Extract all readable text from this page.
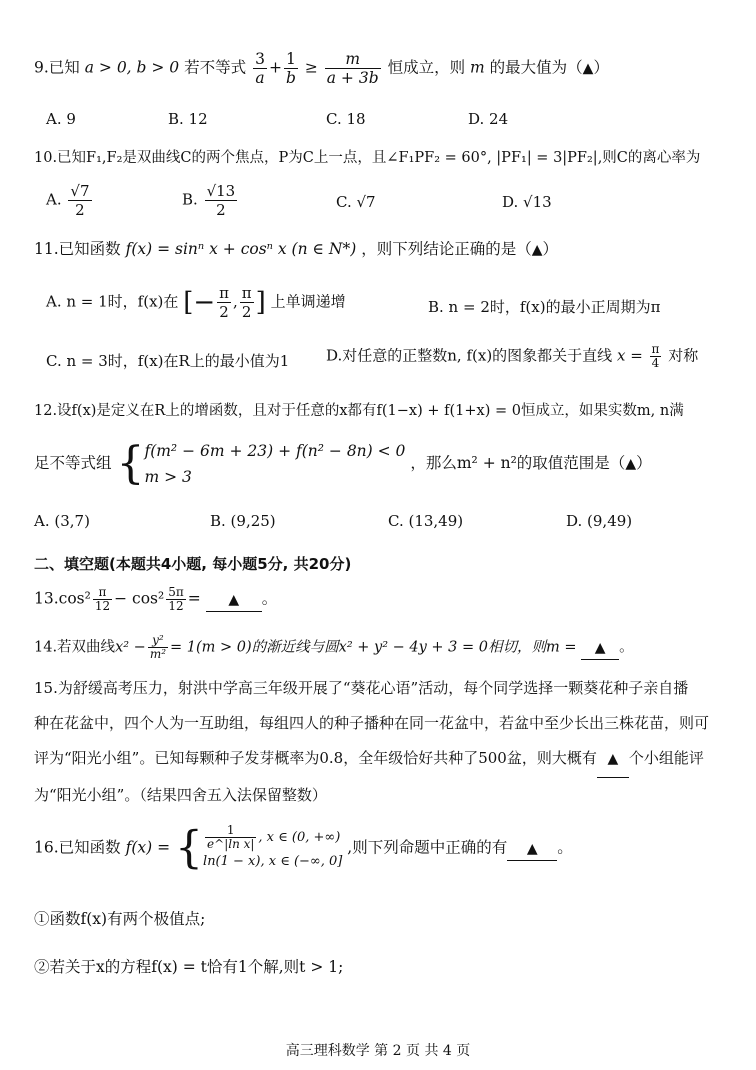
9.已知 a > 0, b > 0 若不等式 $\frac{3}{a} + \frac{1}{b} \ge \frac{m}{a + 3b}$ 恒成立，则 m 的最大值为（▲）
A. 9	B. 12	C. 18	D. 24
10.已知F₁,F₂是双曲线C的两个焦点，P为C上一点，且∠F₁PF₂ = 60°, |PF₁| = 3|PF₂|,则C的离心率为
A. $\frac{√7}{2}$	B. $\frac{√13}{2}$	C. √7	D. √13
11.已知函数 f(x) = sinⁿ x + cosⁿ x (n ∈ N*) ，则下列结论正确的是（▲）
A. n = 1时，f(x)在 [− $\frac{\pi}{2}$ , $\frac{\pi}{2}$ ] 上单调递增	B. n = 2时，f(x)的最小正周期为π
C. n = 3时，f(x)在R上的最小值为1 D.对任意的正整数n, f(x)的图象都关于直线 $x = \frac{\pi}{4}$ 对称
12.设f(x)是定义在R上的增函数，且对于任意的x都有f(1−x) + f(1+x) = 0恒成立，如果实数m, n满
足不等式组 { f(m² − 6m + 23) + f(n² − 8n) < 0
m > 3
，那么m² + n²的取值范围是（▲）
A. (3,7)	B. (9,25)	C. (13,49)	D. (9,49)
二、填空题(本题共4小题, 每小题5分, 共20分)
$13.\cos^2 \frac{\pi}{12} - \cos^2 \frac{5\pi}{12}$ = ▲ 。
14.若双曲线$x^2 - \frac{\text{y²}}{\text{m²}} = 1(m > 0)$的渐近线与圆x² + y² − 4y + 3 = 0相切，则m = ▲ 。
15.为舒缓高考压力，射洪中学高三年级开展了“葵花心语”活动，每个同学选择一颗葵花种子亲自播
种在花盆中，四个人为一互助组，每组四人的种子播种在同一花盆中，若盆中至少长出三株花苗，则可
评为“阳光小组”。已知每颗种子发芽概率为0.8，全年级恰好共种了500盆，则大概有 ▲ 个小组能评
为“阳光小组”。（结果四舍五入法保留整数）
16.已知函数 f(x) = { $\frac{1}{\text{e\textasciicircum{}|ln x|}}$ , x ∈ (0, +∞)
ln(1 − x), x ∈ (−∞, 0]
,则下列命题中正确的有 ▲ 。
①函数f(x)有两个极值点;
②若关于x的方程f(x) = t恰有1个解,则t > 1;
高三理科数学 第 2 页 共 4 页
